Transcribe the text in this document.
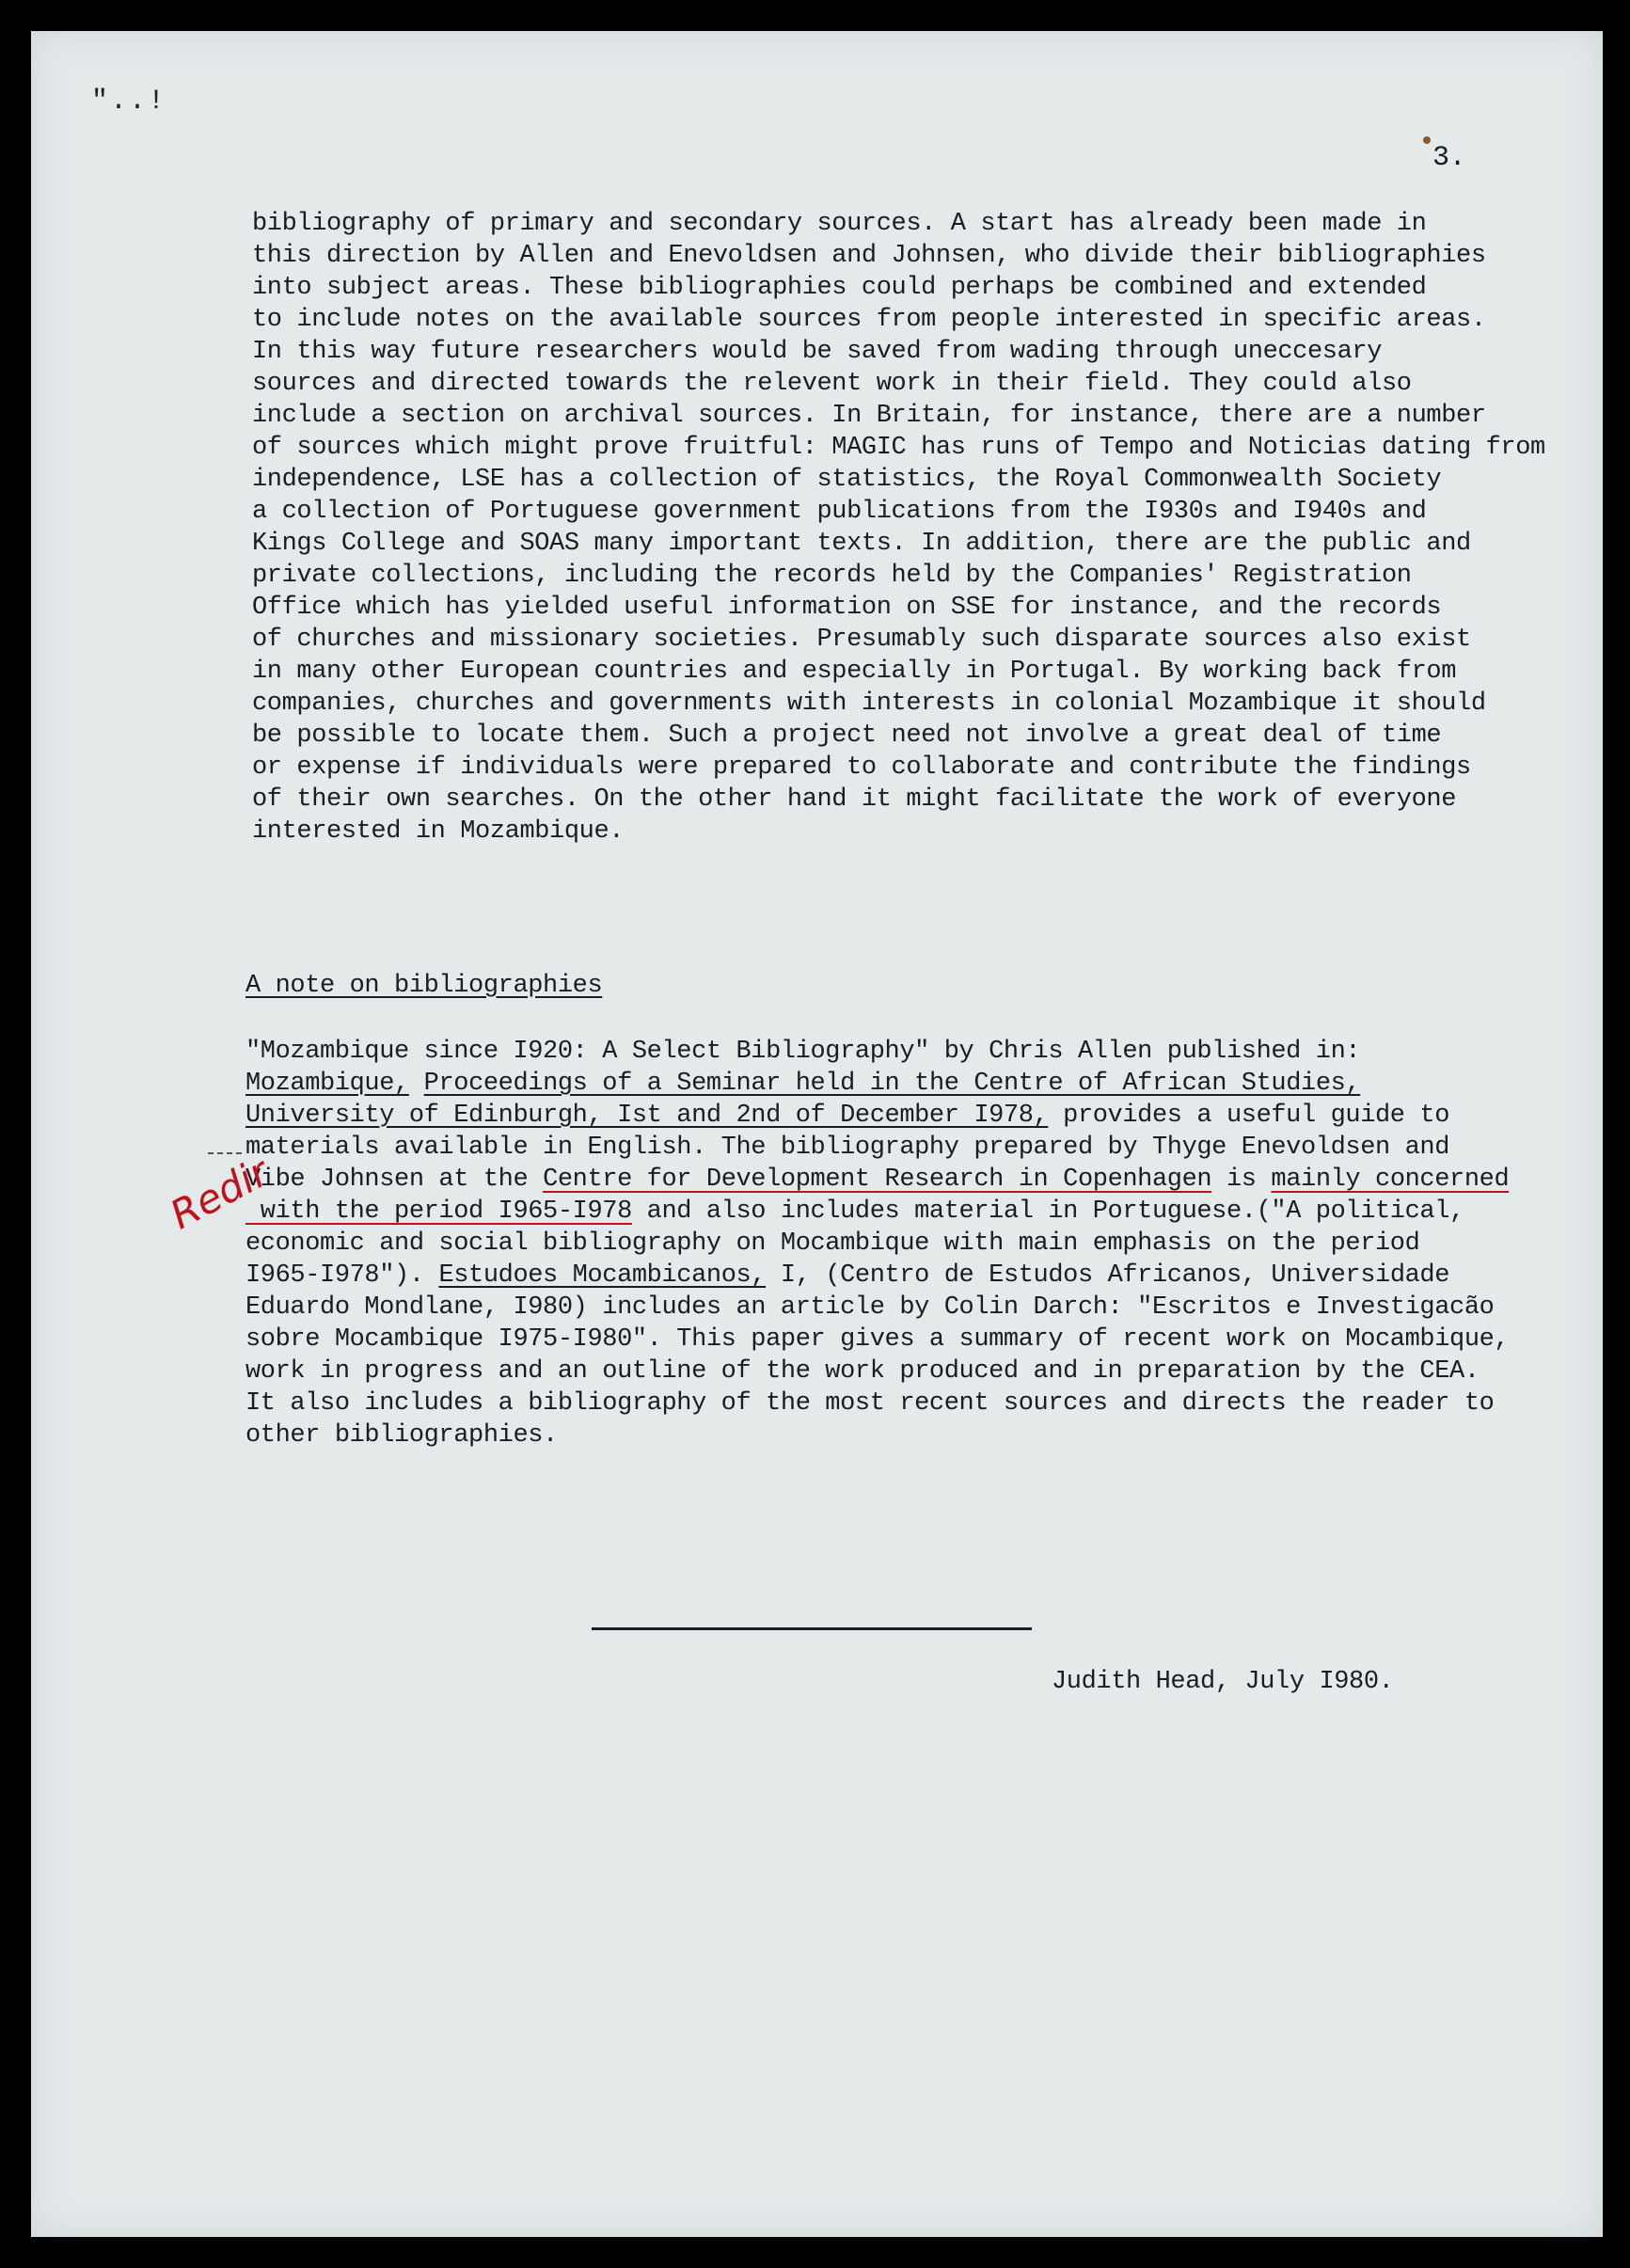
"..!
3.
bibliography of primary and secondary sources. A start has already been made in
this direction by Allen and Enevoldsen and Johnsen, who divide their bibliographies
into subject areas. These bibliographies could perhaps be combined and extended
to include notes on the available sources from people interested in specific areas.
In this way future researchers would be saved from wading through uneccesary
sources and directed towards the relevent work in their field. They could also
include a section on archival sources. In Britain, for instance, there are a number
of sources which might prove fruitful: MAGIC has runs of Tempo and Noticias dating from
independence, LSE has a collection of statistics, the Royal Commonwealth Society
a collection of Portuguese government publications from the I930s and I940s and
Kings College and SOAS many important texts. In addition, there are the public and
private collections, including the records held by the Companies' Registration
Office which has yielded useful information on SSE for instance, and the records
of churches and missionary societies. Presumably such disparate sources also exist
in many other European countries and especially in Portugal. By working back from
companies, churches and governments with interests in colonial Mozambique it should
be possible to locate them. Such a project need not involve a great deal of time
or expense if individuals were prepared to collaborate and contribute the findings
of their own searches. On the other hand it might facilitate the work of everyone
interested in Mozambique.
A note on bibliographies
"Mozambique since I920: A Select Bibliography" by Chris Allen published in:
Mozambique, Proceedings of a Seminar held in the Centre of African Studies,
University of Edinburgh, Ist and 2nd of December I978, provides a useful guide to
materials available in English. The bibliography prepared by Thyge Enevoldsen and
Vibe Johnsen at the Centre for Development Research in Copenhagen is mainly concerned
with the period I965-I978 and also includes material in Portuguese.("A political,
economic and social bibliography on Mocambique with main emphasis on the period
I965-I978"). Estudoes Mocambicanos, I, (Centro de Estudos Africanos, Universidade
Eduardo Mondlane, I980) includes an article by Colin Darch: "Escritos e Investigacão
sobre Mocambique I975-I980". This paper gives a summary of recent work on Mocambique,
work in progress and an outline of the work produced and in preparation by the CEA.
It also includes a bibliography of the most recent sources and directs the reader to
other bibliographies.
Redir
Judith Head, July I980.
